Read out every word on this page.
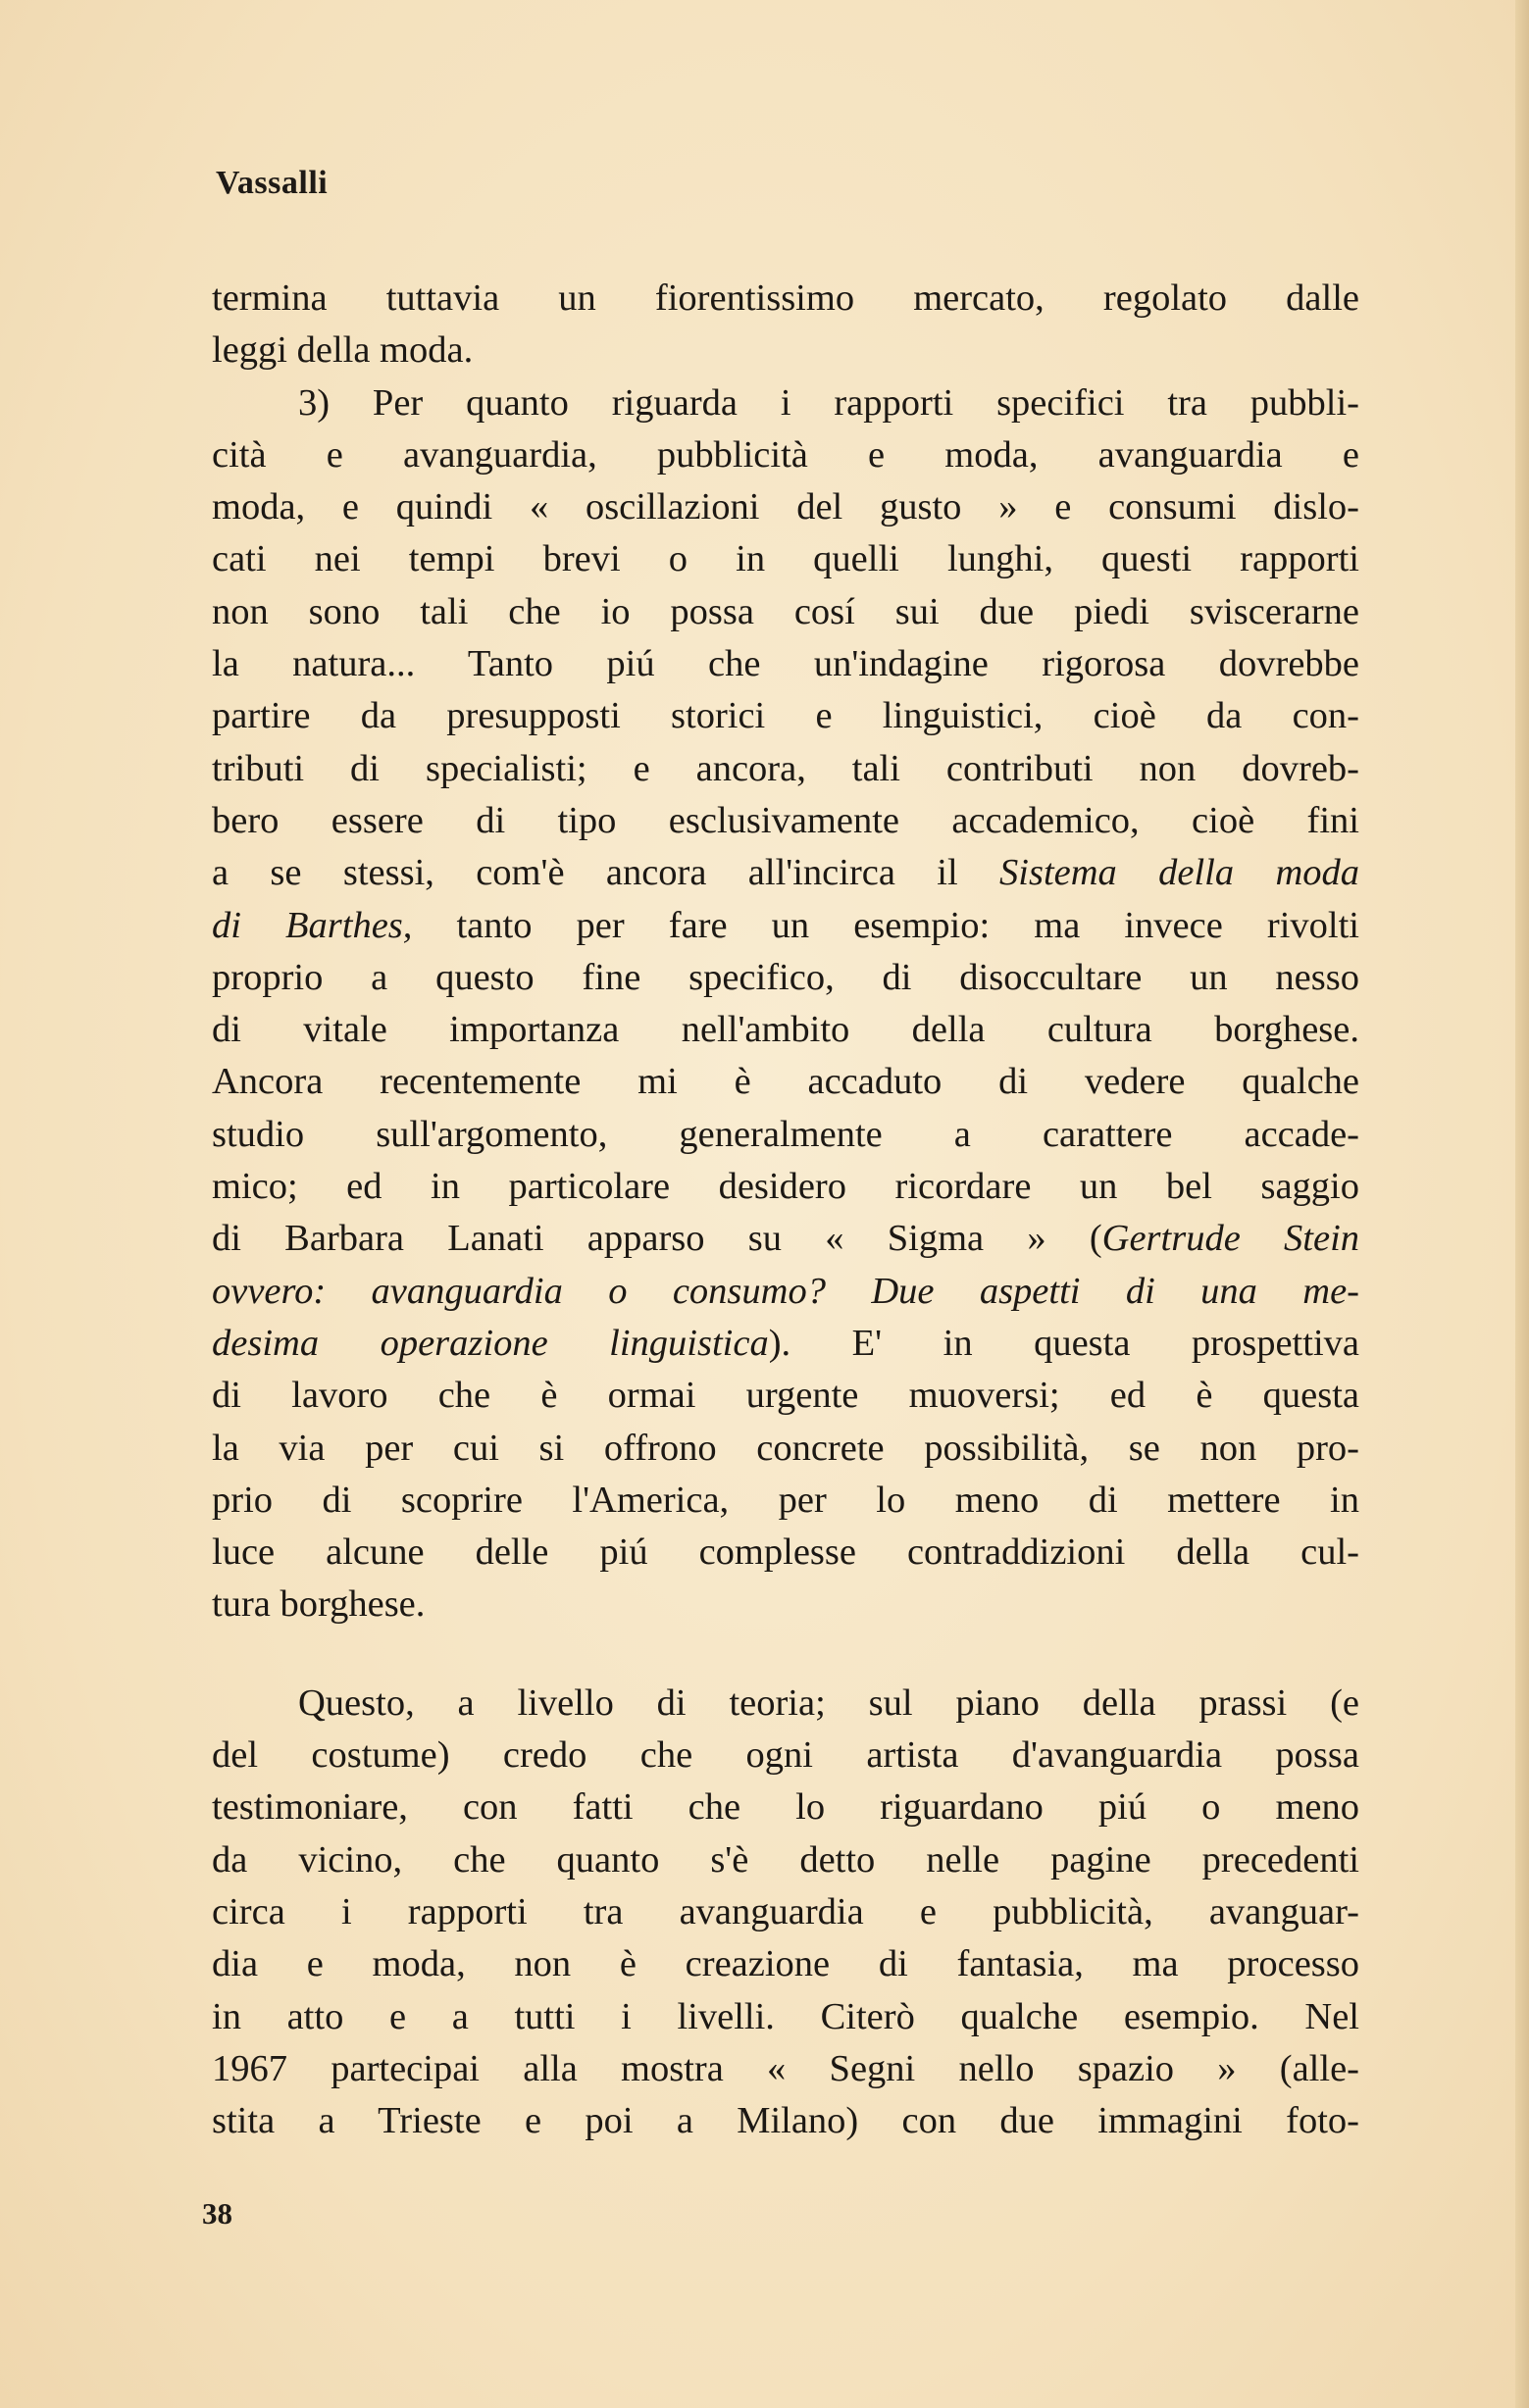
Vassalli
termina tuttavia un fiorentissimo mercato, regolato dalle
leggi della moda.
3) Per quanto riguarda i rapporti specifici tra pubbli-
cità e avanguardia, pubblicità e moda, avanguardia e
moda, e quindi « oscillazioni del gusto » e consumi dislo-
cati nei tempi brevi o in quelli lunghi, questi rapporti
non sono tali che io possa cosí sui due piedi sviscerarne
la natura... Tanto piú che un'indagine rigorosa dovrebbe
partire da presupposti storici e linguistici, cioè da con-
tributi di specialisti; e ancora, tali contributi non dovreb-
bero essere di tipo esclusivamente accademico, cioè fini
a se stessi, com'è ancora all'incirca il Sistema della moda
di Barthes, tanto per fare un esempio: ma invece rivolti
proprio a questo fine specifico, di disoccultare un nesso
di vitale importanza nell'ambito della cultura borghese.
Ancora recentemente mi è accaduto di vedere qualche
studio sull'argomento, generalmente a carattere accade-
mico; ed in particolare desidero ricordare un bel saggio
di Barbara Lanati apparso su « Sigma » (Gertrude Stein
ovvero: avanguardia o consumo? Due aspetti di una me-
desima operazione linguistica). E' in questa prospettiva
di lavoro che è ormai urgente muoversi; ed è questa
la via per cui si offrono concrete possibilità, se non pro-
prio di scoprire l'America, per lo meno di mettere in
luce alcune delle piú complesse contraddizioni della cul-
tura borghese.
Questo, a livello di teoria; sul piano della prassi (e
del costume) credo che ogni artista d'avanguardia possa
testimoniare, con fatti che lo riguardano piú o meno
da vicino, che quanto s'è detto nelle pagine precedenti
circa i rapporti tra avanguardia e pubblicità, avanguar-
dia e moda, non è creazione di fantasia, ma processo
in atto e a tutti i livelli. Citerò qualche esempio. Nel
1967 partecipai alla mostra « Segni nello spazio » (alle-
stita a Trieste e poi a Milano) con due immagini foto-
38
